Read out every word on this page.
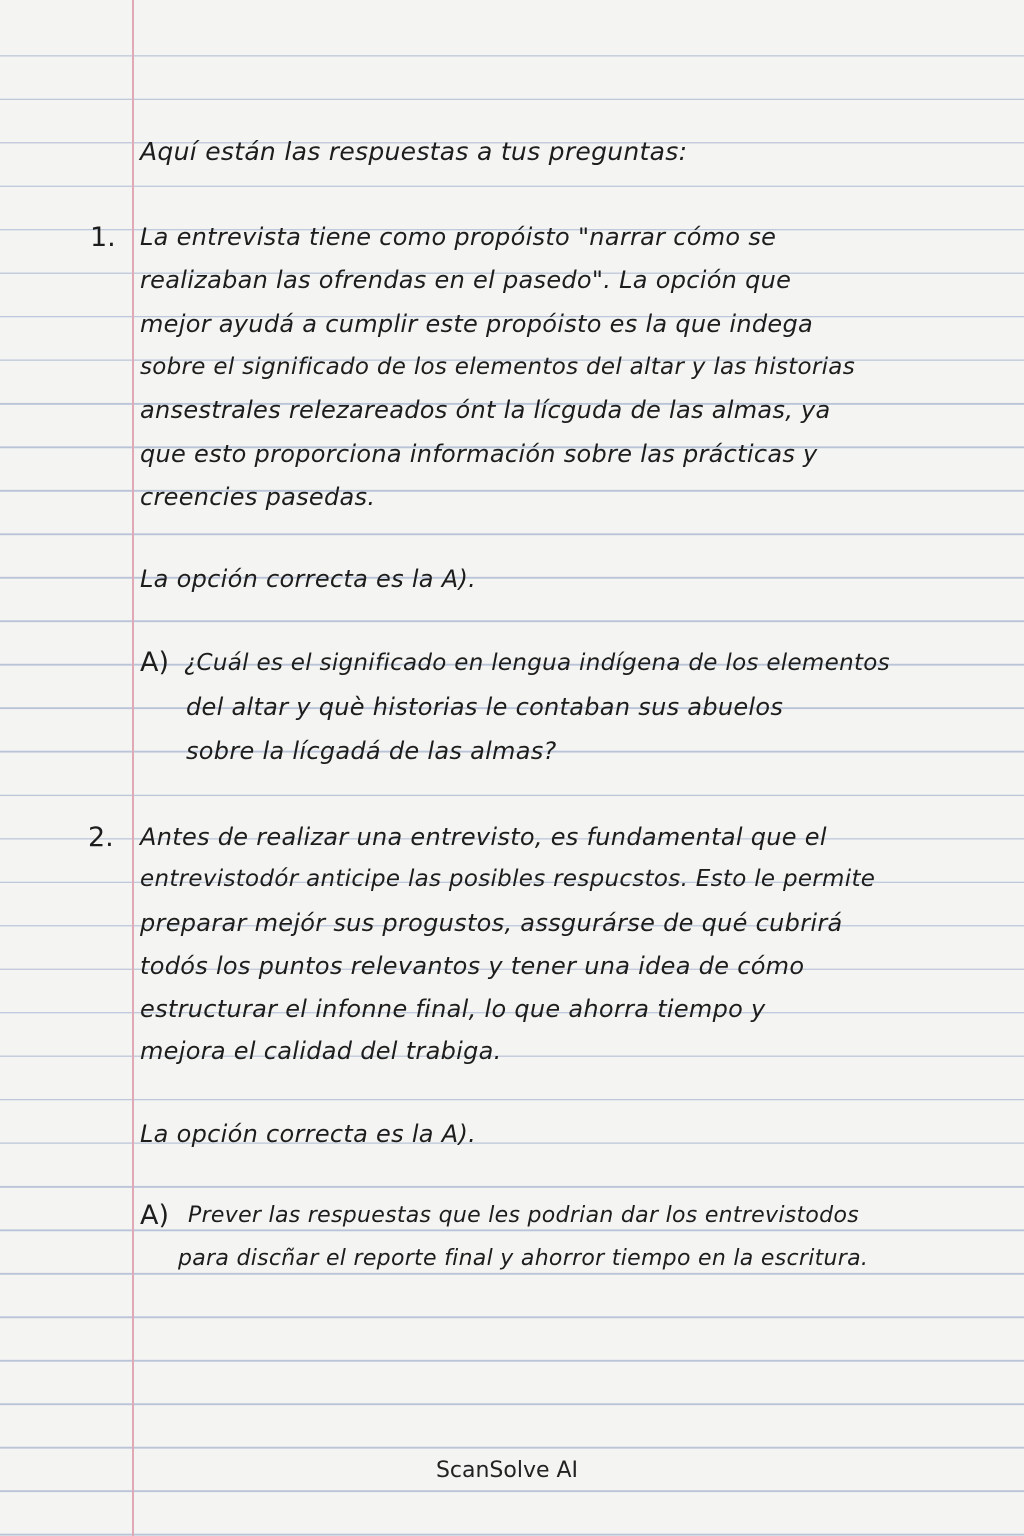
Aquí están las respuestas a tus preguntas:
1. La entrevista tiene como propóisto "narrar cómo se
realizaban las ofrendas en el pasedo". La opción que
mejor ayudá a cumplir este propóisto es la que indega
sobre el significado de los elementos del altar y las historias
ansestrales relezareados ónt la lícguda de las almas, ya
que esto proporciona información sobre las prácticas y
creencies pasedas.
La opción correcta es la A).
A) ¿Cuál es el significado en lengua indígena de los elementos
del altar y què historias le contaban sus abuelos
sobre la lícgadá de las almas?
2. Antes de realizar una entrevisto, es fundamental que el
entrevistodór anticipe las posibles respucstos. Esto le permite
preparar mejór sus progustos, assgurárse de qué cubrirá
todós los puntos relevantos y tener una idea de cómo
estructurar el infonne final, lo que ahorra tiempo y
mejora el calidad del trabiga.
La opción correcta es la A).
A) Prever las respuestas que les podrian dar los entrevistodos
para discñar el reporte final y ahorror tiempo en la escritura.
ScanSolve AI
